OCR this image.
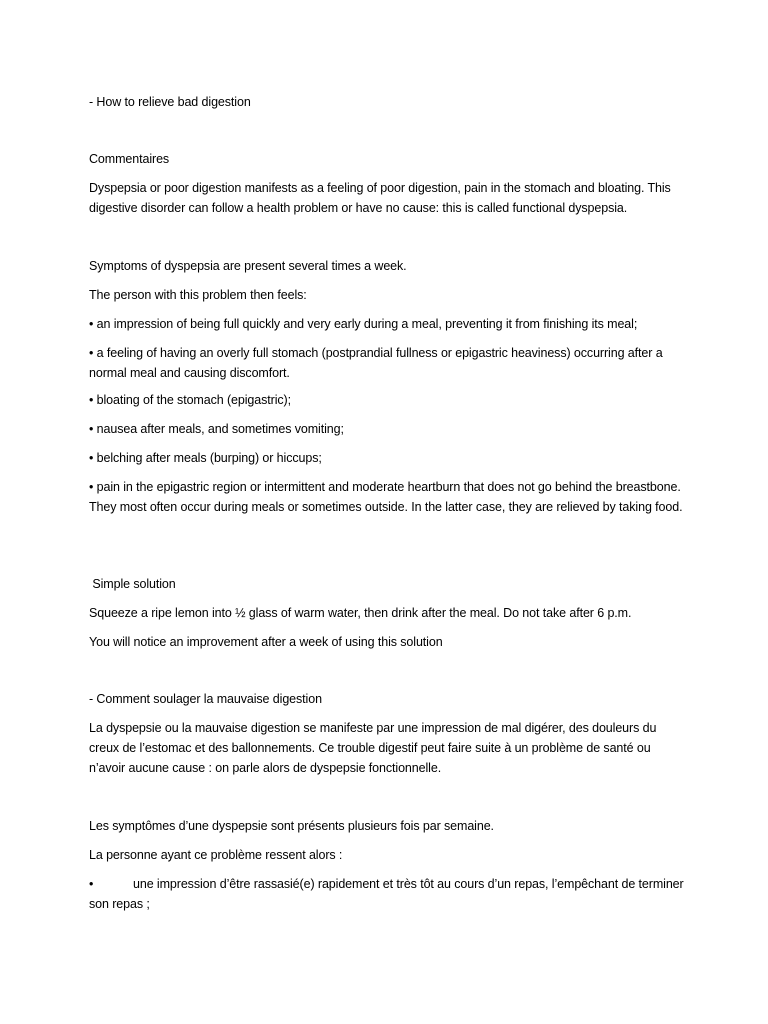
- How to relieve bad digestion

Commentaires

Dyspepsia or poor digestion manifests as a feeling of poor digestion, pain in the stomach and bloating. This digestive disorder can follow a health problem or have no cause: this is called functional dyspepsia.

Symptoms of dyspepsia are present several times a week.

The person with this problem then feels:

• an impression of being full quickly and very early during a meal, preventing it from finishing its meal;

• a feeling of having an overly full stomach (postprandial fullness or epigastric heaviness) occurring after a normal meal and causing discomfort.

• bloating of the stomach (epigastric);

• nausea after meals, and sometimes vomiting;

• belching after meals (burping) or hiccups;

• pain in the epigastric region or intermittent and moderate heartburn that does not go behind the breastbone. They most often occur during meals or sometimes outside. In the latter case, they are relieved by taking food.

Simple solution

Squeeze a ripe lemon into ½ glass of warm water, then drink after the meal. Do not take after 6 p.m.

You will notice an improvement after a week of using this solution

- Comment soulager la mauvaise digestion

La dyspepsie ou la mauvaise digestion se manifeste par une impression de mal digérer, des douleurs du creux de l’estomac et des ballonnements. Ce trouble digestif peut faire suite à un problème de santé ou n’avoir aucune cause : on parle alors de dyspepsie fonctionnelle.

Les symptômes d’une dyspepsie sont présents plusieurs fois par semaine.

La personne ayant ce problème ressent alors :

•	une impression d’être rassasié(e) rapidement et très tôt au cours d’un repas, l’empêchant de terminer son repas ;
